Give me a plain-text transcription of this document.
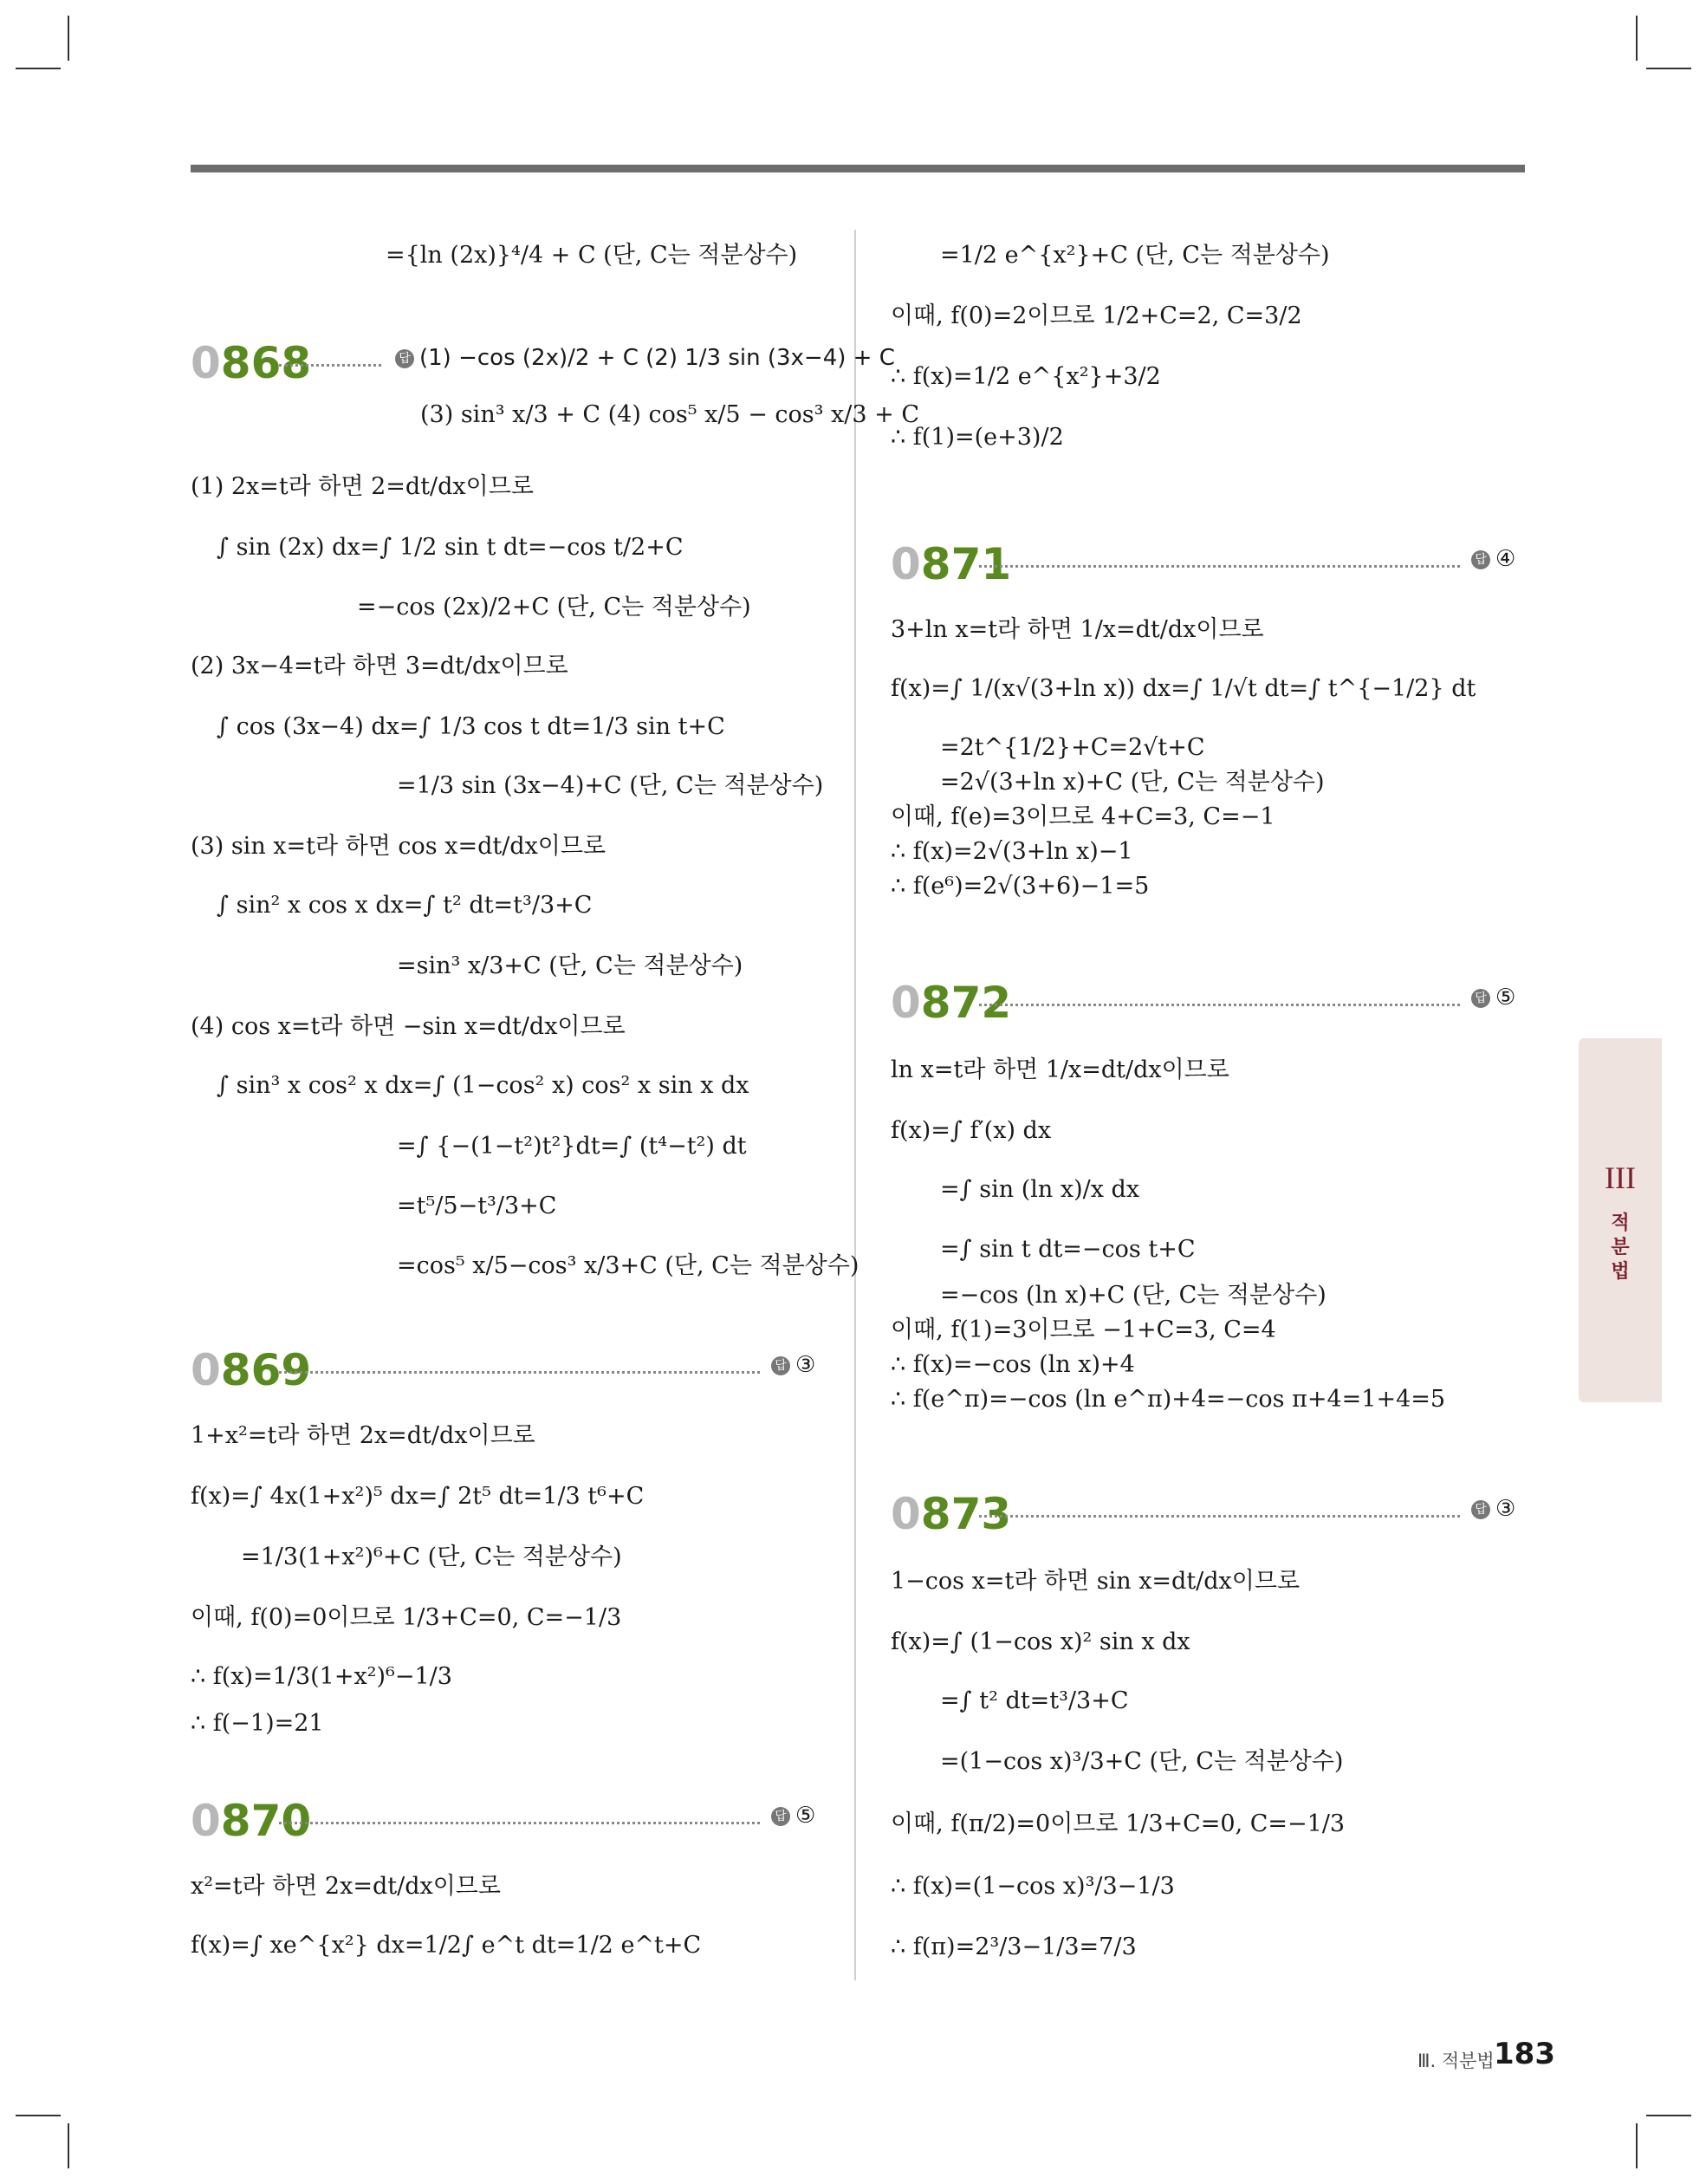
={ln (2x)}⁴/4 + C (단, C는 적분상수)
0868	답 (1) −cos (2x)/2 + C (2) 1/3 sin (3x−4) + C
(3) sin³ x/3 + C (4) cos⁵ x/5 − cos³ x/3 + C
(1) 2x=t라 하면 2=dt/dx이므로
∫ sin (2x) dx=∫ 1/2 sin t dt=−cos t/2+C
=−cos (2x)/2+C (단, C는 적분상수)
(2) 3x−4=t라 하면 3=dt/dx이므로
∫ cos (3x−4) dx=∫ 1/3 cos t dt=1/3 sin t+C
=1/3 sin (3x−4)+C (단, C는 적분상수)
(3) sin x=t라 하면 cos x=dt/dx이므로
∫ sin² x cos x dx=∫ t² dt=t³/3+C
=sin³ x/3+C (단, C는 적분상수)
(4) cos x=t라 하면 −sin x=dt/dx이므로
∫ sin³ x cos² x dx=∫ (1−cos² x) cos² x sin x dx
=∫ {−(1−t²)t²}dt=∫ (t⁴−t²) dt
=t⁵/5−t³/3+C
=cos⁵ x/5−cos³ x/3+C (단, C는 적분상수)
0869	답 ③
1+x²=t라 하면 2x=dt/dx이므로
f(x)=∫ 4x(1+x²)⁵ dx=∫ 2t⁵ dt=1/3 t⁶+C
=1/3(1+x²)⁶+C (단, C는 적분상수)
이때, f(0)=0이므로 1/3+C=0, C=−1/3
∴ f(x)=1/3(1+x²)⁶−1/3
∴ f(−1)=21
0870	답 ⑤
x²=t라 하면 2x=dt/dx이므로
f(x)=∫ xe^{x²} dx=1/2∫ e^t dt=1/2 e^t+C
=1/2 e^{x²}+C (단, C는 적분상수)
이때, f(0)=2이므로 1/2+C=2, C=3/2
∴ f(x)=1/2 e^{x²}+3/2
∴ f(1)=(e+3)/2
0871	답 ④
3+ln x=t라 하면 1/x=dt/dx이므로
f(x)=∫ 1/(x√(3+ln x)) dx=∫ 1/√t dt=∫ t^{−1/2} dt
=2t^{1/2}+C=2√t+C
=2√(3+ln x)+C (단, C는 적분상수)
이때, f(e)=3이므로 4+C=3, C=−1
∴ f(x)=2√(3+ln x)−1
∴ f(e⁶)=2√(3+6)−1=5
0872	답 ⑤
ln x=t라 하면 1/x=dt/dx이므로
f(x)=∫ f′(x) dx
=∫ sin (ln x)/x dx
=∫ sin t dt=−cos t+C
=−cos (ln x)+C (단, C는 적분상수)
이때, f(1)=3이므로 −1+C=3, C=4
∴ f(x)=−cos (ln x)+4
∴ f(e^π)=−cos (ln e^π)+4=−cos π+4=1+4=5
0873	답 ③
1−cos x=t라 하면 sin x=dt/dx이므로
f(x)=∫ (1−cos x)² sin x dx
=∫ t² dt=t³/3+C
=(1−cos x)³/3+C (단, C는 적분상수)
이때, f(π/2)=0이므로 1/3+C=0, C=−1/3
∴ f(x)=(1−cos x)³/3−1/3
∴ f(π)=2³/3−1/3=7/3
III
적
분
법
Ⅲ. 적분법 183
